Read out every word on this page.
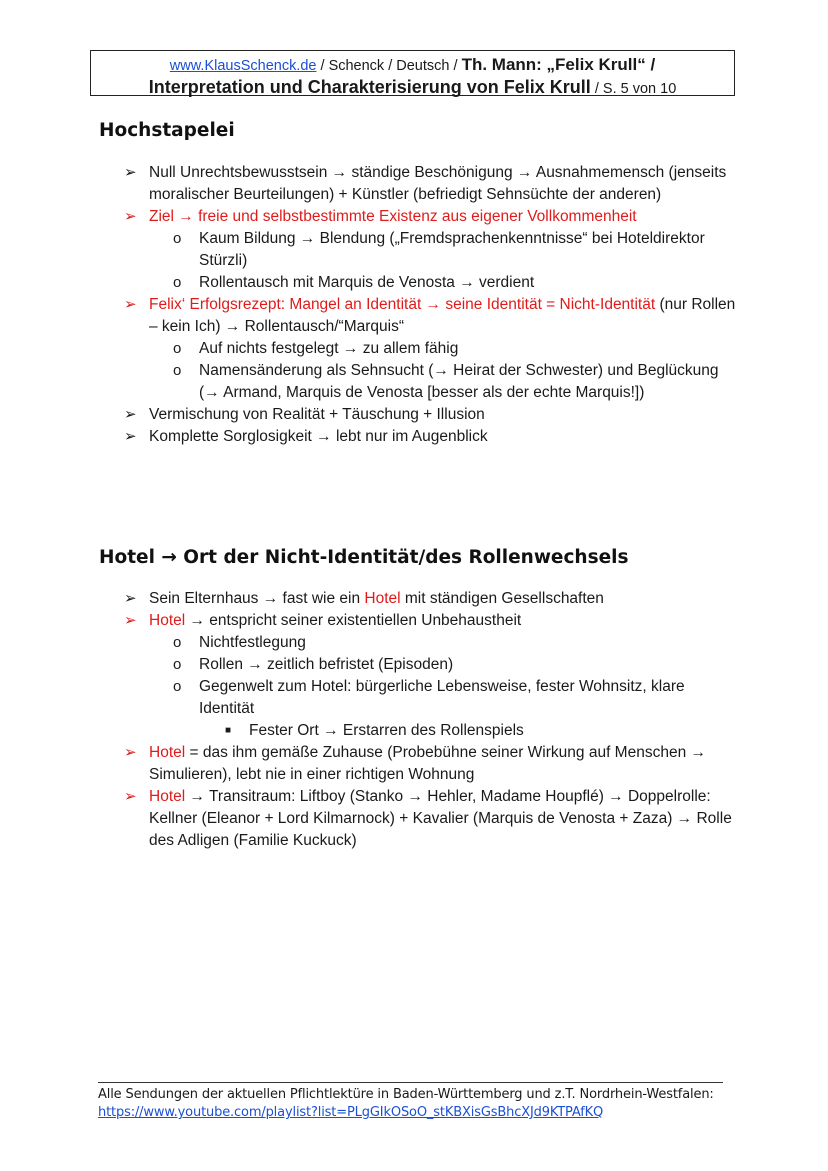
www.KlausSchenck.de / Schenck / Deutsch / Th. Mann: „Felix Krull“ /
Interpretation und Charakterisierung von Felix Krull / S. 5 von 10
Hochstapelei
➢ Null Unrechtsbewusstsein → ständige Beschönigung → Ausnahmemensch (jenseits moralischer Beurteilungen) + Künstler (befriedigt Sehnsüchte der anderen)
➢ Ziel → freie und selbstbestimmte Existenz aus eigener Vollkommenheit
o Kaum Bildung → Blendung („Fremdsprachenkenntnisse“ bei Hoteldirektor Stürzli)
o Rollentausch mit Marquis de Venosta → verdient
➢ Felix‘ Erfolgsrezept: Mangel an Identität → seine Identität = Nicht-Identität (nur Rollen – kein Ich) → Rollentausch/“Marquis“
o Auf nichts festgelegt → zu allem fähig
o Namensänderung als Sehnsucht (→ Heirat der Schwester) und Beglückung (→ Armand, Marquis de Venosta [besser als der echte Marquis!])
➢ Vermischung von Realität + Täuschung + Illusion
➢ Komplette Sorglosigkeit → lebt nur im Augenblick
Hotel → Ort der Nicht-Identität/des Rollenwechsels
➢ Sein Elternhaus → fast wie ein Hotel mit ständigen Gesellschaften
➢ Hotel → entspricht seiner existentiellen Unbehaustheit
o Nichtfestlegung
o Rollen → zeitlich befristet (Episoden)
o Gegenwelt zum Hotel: bürgerliche Lebensweise, fester Wohnsitz, klare Identität
■ Fester Ort → Erstarren des Rollenspiels
➢ Hotel = das ihm gemäße Zuhause (Probebühne seiner Wirkung auf Menschen → Simulieren), lebt nie in einer richtigen Wohnung
➢ Hotel → Transitraum: Liftboy (Stanko → Hehler, Madame Houpflé) → Doppelrolle: Kellner (Eleanor + Lord Kilmarnock) + Kavalier (Marquis de Venosta + Zaza) → Rolle des Adligen (Familie Kuckuck)
Alle Sendungen der aktuellen Pflichtlektüre in Baden-Württemberg und z.T. Nordrhein-Westfalen:
https://www.youtube.com/playlist?list=PLgGIkOSoO_stKBXisGsBhcXJd9KTPAfKQ
